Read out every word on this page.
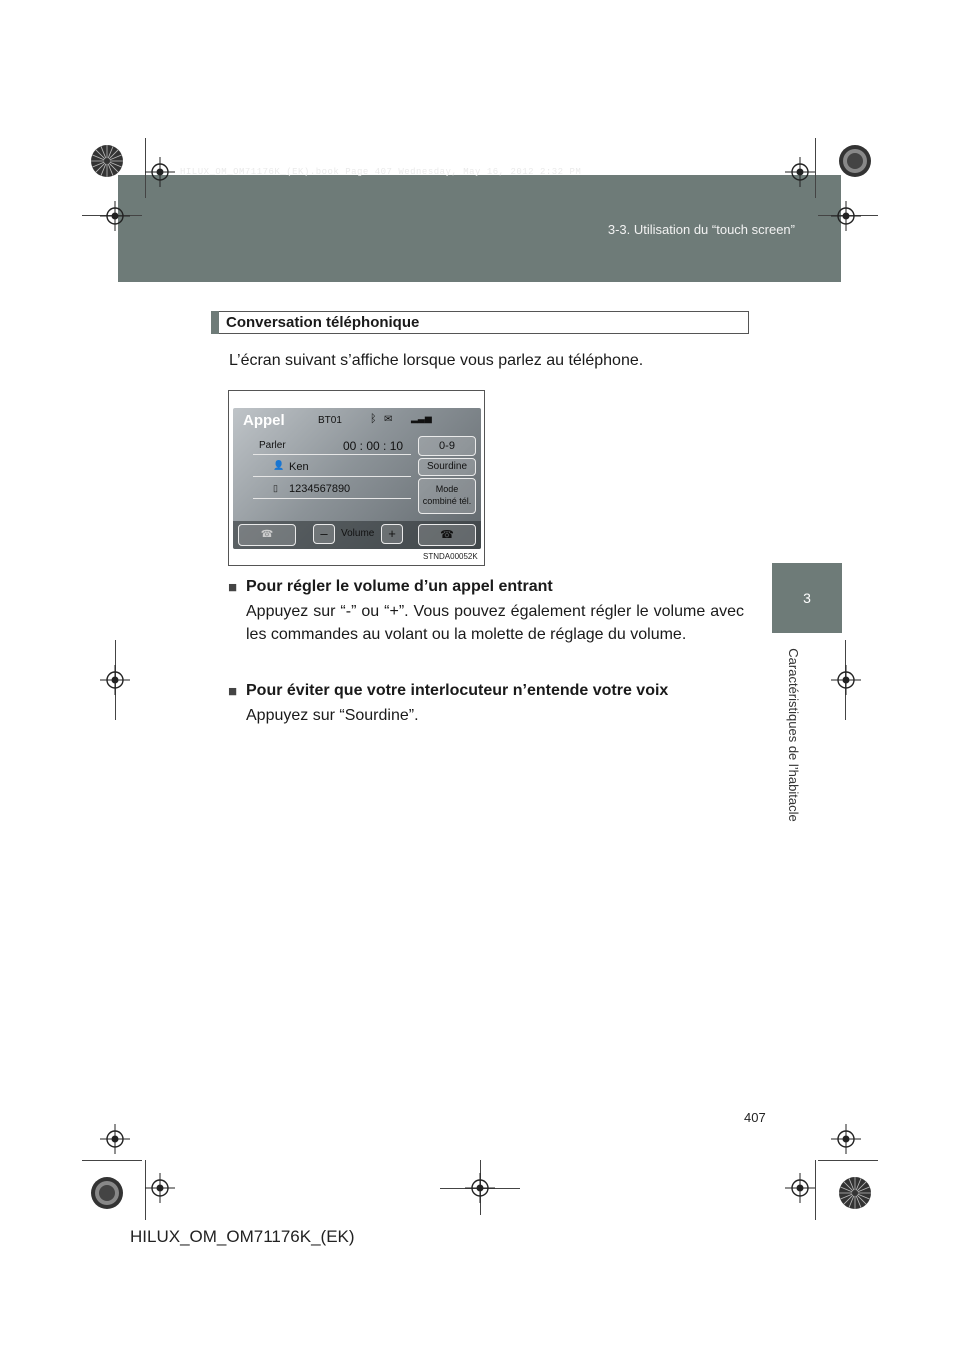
HILUX_OM_OM71176K_(EK).book Page 407 Wednesday, May 16, 2012 2:32 PM
3-3. Utilisation du “touch screen”
3
Caractéristiques de l’habitacle
Conversation téléphonique
L’écran suivant s’affiche lorsque vous parlez au téléphone.
Appel	BT01	ᛒ ✉ ▂▃▅
Parler	00 : 00 : 10
👤 Ken
▯ 1234567890
0-9
Sourdine
Mode combiné tél.
☎	–	Volume	+	☎
STNDA00052K
■ Pour régler le volume d’un appel entrant
Appuyez sur “-” ou “+”. Vous pouvez également régler le volume avec les commandes au volant ou la molette de réglage du volume.
■ Pour éviter que votre interlocuteur n’entende votre voix
Appuyez sur “Sourdine”.
407
HILUX_OM_OM71176K_(EK)
